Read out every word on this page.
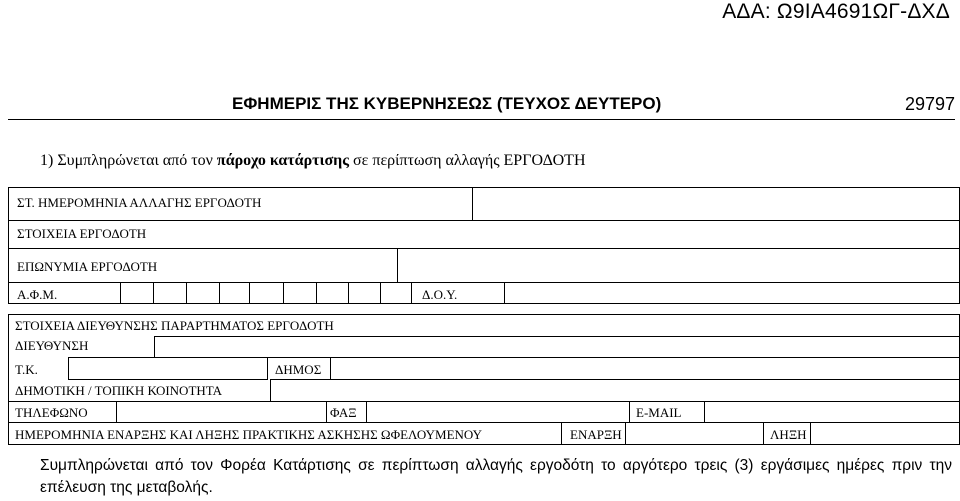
ΑΔΑ: Ω9ΙΑ4691ΩΓ-ΔΧΔ
ΕΦΗΜΕΡΙΣ ΤΗΣ ΚΥΒΕΡΝΗΣΕΩΣ (ΤΕΥΧΟΣ ΔΕΥΤΕΡΟ)	29797
1) Συμπληρώνεται από τον πάροχο κατάρτισης σε περίπτωση αλλαγής ΕΡΓΟΔΟΤΗ
ΣΤ. ΗΜΕΡΟΜΗΝΙΑ ΑΛΛΑΓΗΣ ΕΡΓΟΔΟΤΗ
ΣΤΟΙΧΕΙΑ ΕΡΓΟΔΟΤΗ
ΕΠΩΝΥΜΙΑ ΕΡΓΟΔΟΤΗ
Α.Φ.Μ.	Δ.Ο.Υ.
ΣΤΟΙΧΕΙΑ ΔΙΕΥΘΥΝΣΗΣ ΠΑΡΑΡΤΗΜΑΤΟΣ ΕΡΓΟΔΟΤΗ
ΔΙΕΥΘΥΝΣΗ
Τ.Κ.	ΔΗΜΟΣ
ΔΗΜΟΤΙΚΗ / ΤΟΠΙΚΗ ΚΟΙΝΟΤΗΤΑ
ΤΗΛΕΦΩΝΟ	ΦΑΞ	E-MAIL
ΗΜΕΡΟΜΗΝΙΑ ΕΝΑΡΞΗΣ ΚΑΙ ΛΗΞΗΣ ΠΡΑΚΤΙΚΗΣ ΑΣΚΗΣΗΣ ΩΦΕΛΟΥΜΕΝΟΥ	ΕΝΑΡΞΗ	ΛΗΞΗ
Συμπληρώνεται από τον Φορέα Κατάρτισης σε περίπτωση αλλαγής εργοδότη το αργότερο τρεις (3) εργάσιμες ημέρες πριν την επέλευση της μεταβολής.
